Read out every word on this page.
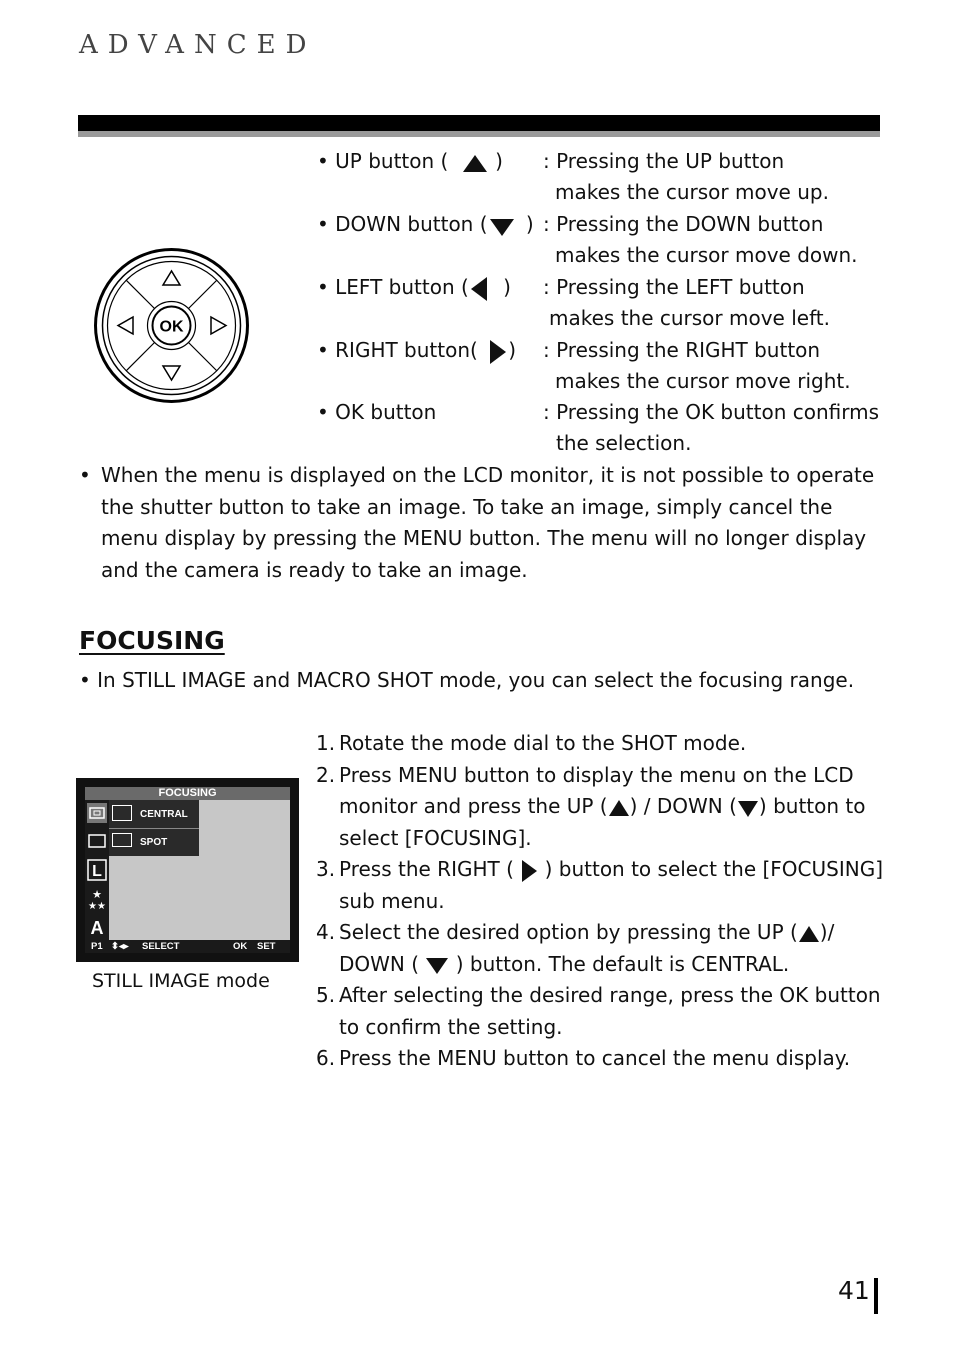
ADVANCED
OK
• UP button ( )
• DOWN button ( )
• LEFT button ( )
• RIGHT button( )
• OK button
: Pressing the UP button
makes the cursor move up.
: Pressing the DOWN button
makes the cursor move down.
: Pressing the LEFT button
makes the cursor move left.
: Pressing the RIGHT button
makes the cursor move right.
: Pressing the OK button confirms
the selection.
• When the menu is displayed on the LCD monitor, it is not possible to operate the shutter button to take an image. To take an image, simply cancel the menu display by pressing the MENU button. The menu will no longer display and the camera is ready to take an image.
FOCUSING
• In STILL IMAGE and MACRO SHOT mode, you can select the focusing range.
FOCUSING
L
★
★★
A
CENTRAL
SPOT
P1 ⬍◂▸ SELECT	OK SET
STILL IMAGE mode
1. Rotate the mode dial to the SHOT mode.
2. Press MENU button to display the menu on the LCD monitor and press the UP ( ) / DOWN ( ) button to select [FOCUSING].
3. Press the RIGHT (  ) button to select the [FOCUSING] sub menu.
4. Select the desired option by pressing the UP ( )/ DOWN (  ) button. The default is CENTRAL.
5. After selecting the desired range, press the OK button to confirm the setting.
6. Press the MENU button to cancel the menu display.
41
